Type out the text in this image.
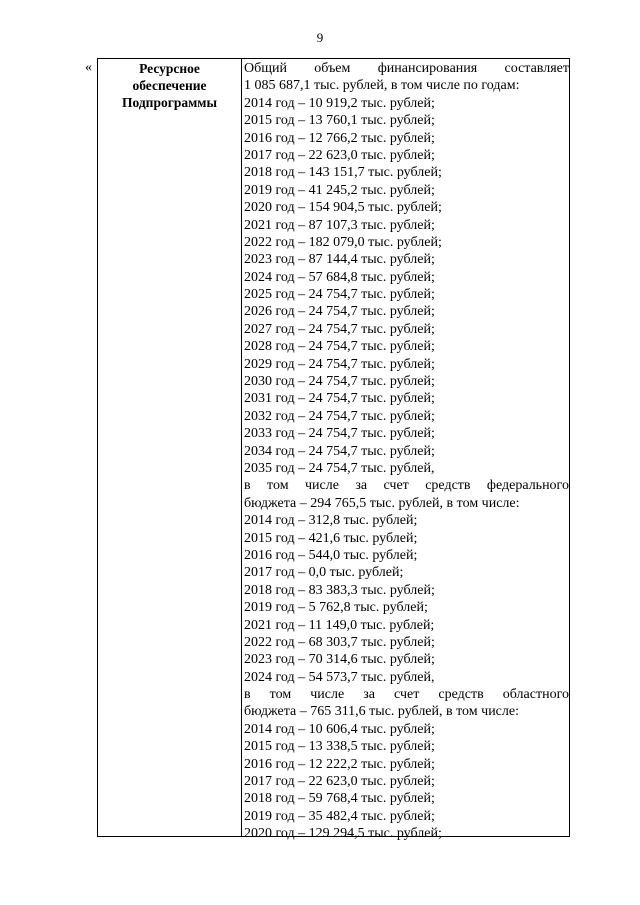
9
«	Ресурсное
обеспечение
Подпрограммы
Общий объем финансирования составляет
1 085 687,1 тыс. рублей, в том числе по годам:
2014 год – 10 919,2 тыс. рублей;
2015 год – 13 760,1 тыс. рублей;
2016 год – 12 766,2 тыс. рублей;
2017 год – 22 623,0 тыс. рублей;
2018 год – 143 151,7 тыс. рублей;
2019 год – 41 245,2 тыс. рублей;
2020 год – 154 904,5 тыс. рублей;
2021 год – 87 107,3 тыс. рублей;
2022 год – 182 079,0 тыс. рублей;
2023 год – 87 144,4 тыс. рублей;
2024 год – 57 684,8 тыс. рублей;
2025 год – 24 754,7 тыс. рублей;
2026 год – 24 754,7 тыс. рублей;
2027 год – 24 754,7 тыс. рублей;
2028 год – 24 754,7 тыс. рублей;
2029 год – 24 754,7 тыс. рублей;
2030 год – 24 754,7 тыс. рублей;
2031 год – 24 754,7 тыс. рублей;
2032 год – 24 754,7 тыс. рублей;
2033 год – 24 754,7 тыс. рублей;
2034 год – 24 754,7 тыс. рублей;
2035 год – 24 754,7 тыс. рублей,
в том числе за счет средств федерального
бюджета – 294 765,5 тыс. рублей, в том числе:
2014 год – 312,8 тыс. рублей;
2015 год – 421,6 тыс. рублей;
2016 год – 544,0 тыс. рублей;
2017 год – 0,0 тыс. рублей;
2018 год – 83 383,3 тыс. рублей;
2019 год – 5 762,8 тыс. рублей;
2021 год – 11 149,0 тыс. рублей;
2022 год – 68 303,7 тыс. рублей;
2023 год – 70 314,6 тыс. рублей;
2024 год – 54 573,7 тыс. рублей,
в том числе за счет средств областного
бюджета – 765 311,6 тыс. рублей, в том числе:
2014 год – 10 606,4 тыс. рублей;
2015 год – 13 338,5 тыс. рублей;
2016 год – 12 222,2 тыс. рублей;
2017 год – 22 623,0 тыс. рублей;
2018 год – 59 768,4 тыс. рублей;
2019 год – 35 482,4 тыс. рублей;
2020 год – 129 294,5 тыс. рублей;
